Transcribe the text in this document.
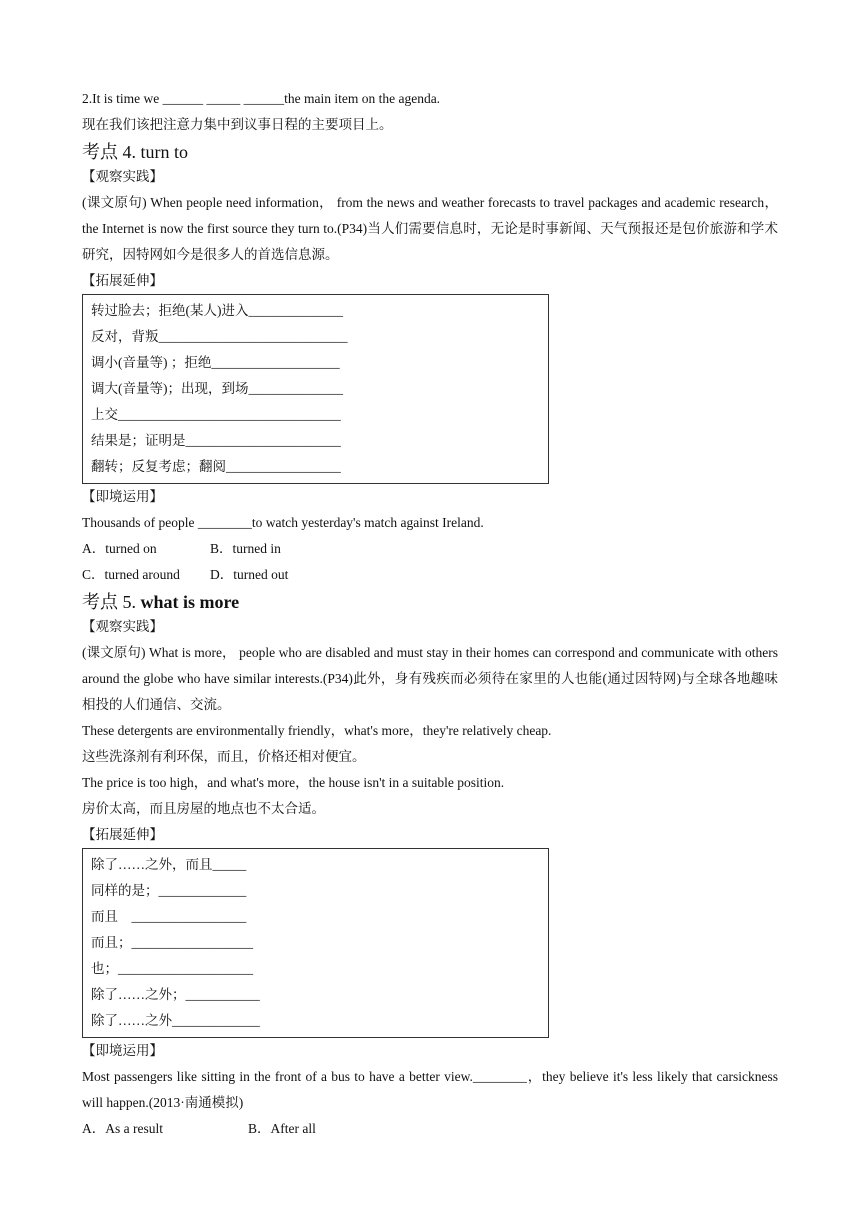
2.It is time we ______ _____ ______the main item on the agenda.

现在我们该把注意力集中到议事日程的主要项目上。

考点 4. turn to

【观察实践】

(课文原句) When people need information， from the news and weather forecasts to travel packages and academic research，the Internet is now the first source they turn to.(P34)当人们需要信息时，无论是时事新闻、天气预报还是包价旅游和学术研究，因特网如今是很多人的首选信息源。

【拓展延伸】

转过脸去；拒绝(某人)进入______________

反对，背叛____________________________

调小(音量等) ；拒绝___________________

调大(音量等)；出现，到场______________

上交_________________________________

结果是；证明是_______________________

翻转；反复考虑；翻阅_________________

【即境运用】

Thousands of people ________to watch yesterday's match against Ireland.

A．turned on	B．turned in

C．turned around D．turned out

考点 5. what is more

【观察实践】

(课文原句) What is more， people who are disabled and must stay in their homes can correspond and communicate with others around the globe who have similar interests.(P34)此外，身有残疾而必须待在家里的人也能(通过因特网)与全球各地趣味相投的人们通信、交流。

These detergents are environmentally friendly，what's more，they're relatively cheap.

这些洗涤剂有利环保，而且，价格还相对便宜。

The price is too high，and what's more，the house isn't in a suitable position.

房价太高，而且房屋的地点也不太合适。

【拓展延伸】

除了……之外，而且_____

同样的是；_____________

而且　_________________

而且；__________________

也；____________________

除了……之外；___________

除了……之外_____________

【即境运用】

Most passengers like sitting in the front of a bus to have a better view.________，they believe it's less likely that carsickness will happen.(2013·南通模拟)

A．As a result	B．After all
